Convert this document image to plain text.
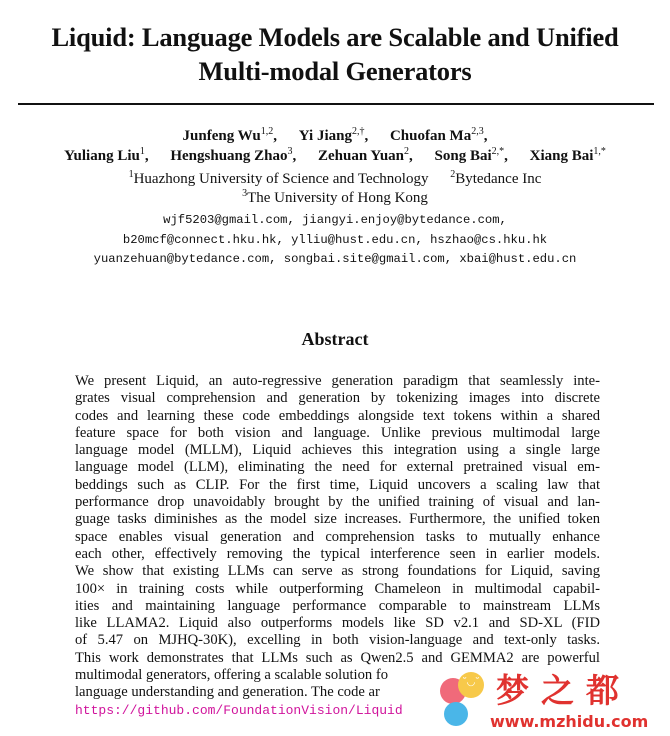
Liquid: Language Models are Scalable and Unified
Multi-modal Generators
Junfeng Wu$^{1,2}$, Yi Jiang$^{2,\dagger}$, Chuofan Ma$^{2,3}$,
Yuliang Liu$^1$, Hengshuang Zhao$^3$, Zehuan Yuan$^2$, Song Bai$^{2,*}$, Xiang Bai$^{1,*}$
$^1$Huazhong University of Science and Technology $^2$Bytedance Inc
$^3$The University of Hong Kong
wjf5203@gmail.com, jiangyi.enjoy@bytedance.com,
b20mcf@connect.hku.hk, ylliu@hust.edu.cn, hszhao@cs.hku.hk
yuanzehuan@bytedance.com, songbai.site@gmail.com, xbai@hust.edu.cn
Abstract
We present Liquid, an auto-regressive generation paradigm that seamlessly inte-
grates visual comprehension and generation by tokenizing images into discrete
codes and learning these code embeddings alongside text tokens within a shared
feature space for both vision and language. Unlike previous multimodal large
language model (MLLM), Liquid achieves this integration using a single large
language model (LLM), eliminating the need for external pretrained visual em-
beddings such as CLIP. For the first time, Liquid uncovers a scaling law that
performance drop unavoidably brought by the unified training of visual and lan-
guage tasks diminishes as the model size increases. Furthermore, the unified token
space enables visual generation and comprehension tasks to mutually enhance
each other, effectively removing the typical interference seen in earlier models.
We show that existing LLMs can serve as strong foundations for Liquid, saving
100× in training costs while outperforming Chameleon in multimodal capabil-
ities and maintaining language performance comparable to mainstream LLMs
like LLAMA2. Liquid also outperforms models like SD v2.1 and SD-XL (FID
of 5.47 on MJHQ-30K), excelling in both vision-language and text-only tasks.
This work demonstrates that LLMs such as Qwen2.5 and GEMMA2 are powerful
multimodal generators, offering a scalable solution fo
language understanding and generation. The code ar
https://github.com/FoundationVision/Liquid
˘◡˘ 梦之都
www.mzhidu.com
